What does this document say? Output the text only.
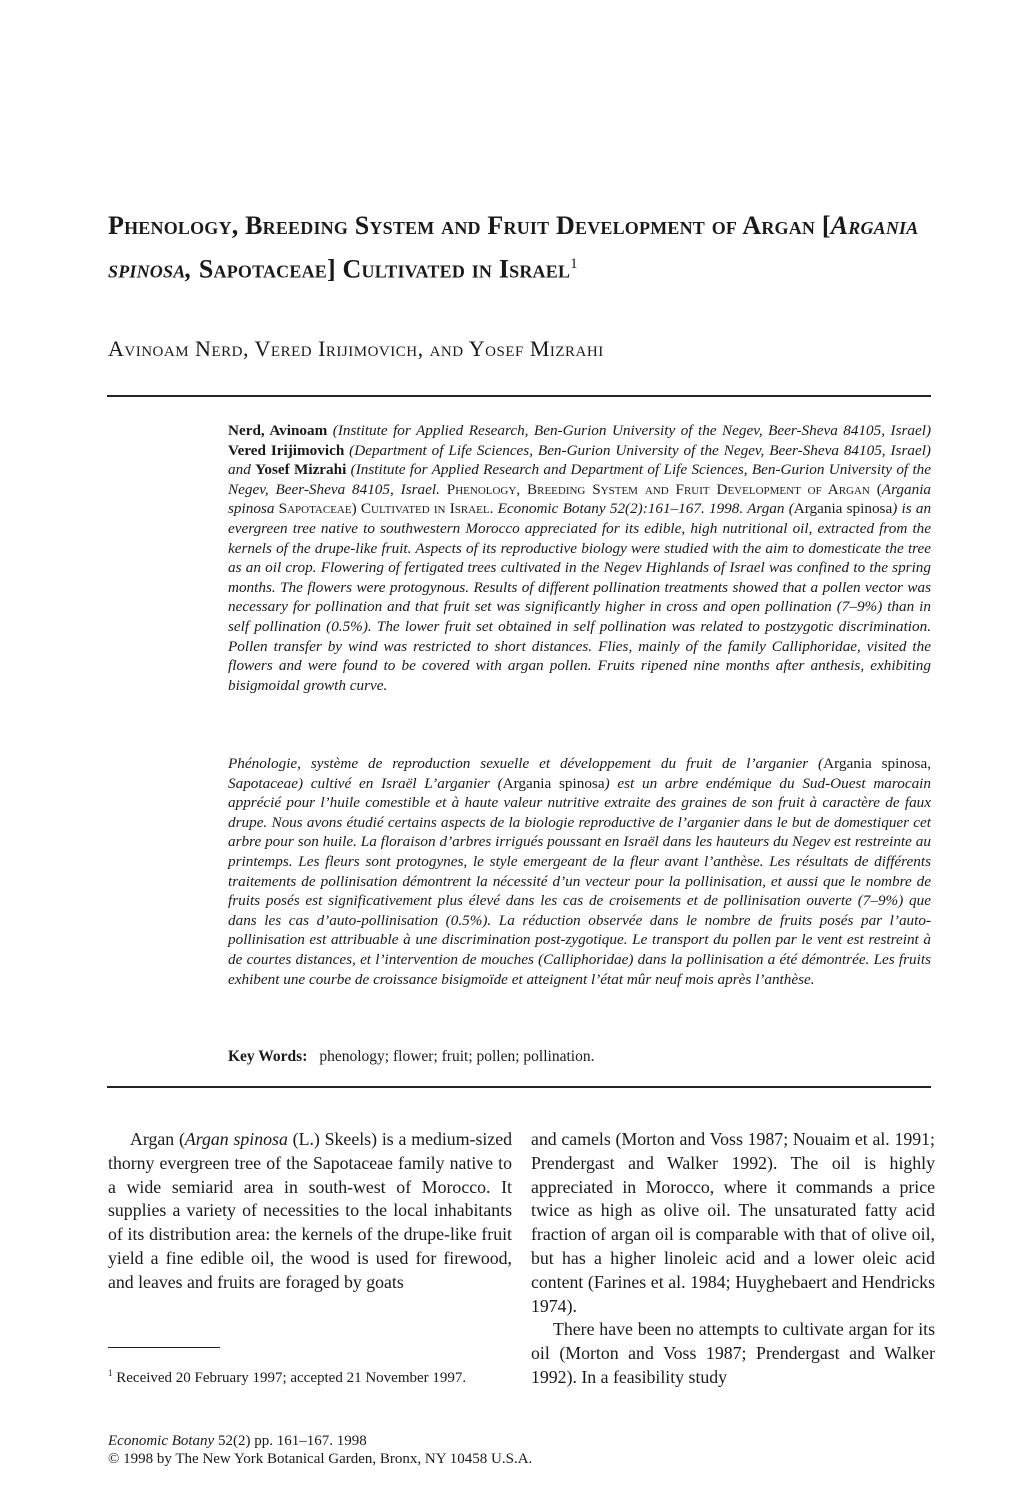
Phenology, Breeding System and Fruit Development of Argan [Argania spinosa, Sapotaceae] Cultivated in Israel$^1$

Avinoam Nerd, Vered Irijimovich, and Yosef Mizrahi

Nerd, Avinoam (Institute for Applied Research, Ben-Gurion University of the Negev, Beer-Sheva 84105, Israel) Vered Irijimovich (Department of Life Sciences, Ben-Gurion University of the Negev, Beer-Sheva 84105, Israel) and Yosef Mizrahi (Institute for Applied Research and Department of Life Sciences, Ben-Gurion University of the Negev, Beer-Sheva 84105, Israel. Phenology, Breeding System and Fruit Development of Argan (Argania spinosa Sapotaceae) Cultivated in Israel. Economic Botany 52(2):161–167. 1998. Argan (Argania spinosa) is an evergreen tree native to southwestern Morocco appreciated for its edible, high nutritional oil, extracted from the kernels of the drupe-like fruit. Aspects of its reproductive biology were studied with the aim to domesticate the tree as an oil crop. Flowering of fertigated trees cultivated in the Negev Highlands of Israel was confined to the spring months. The flowers were protogynous. Results of different pollination treatments showed that a pollen vector was necessary for pollination and that fruit set was significantly higher in cross and open pollination (7–9%) than in self pollination (0.5%). The lower fruit set obtained in self pollination was related to postzygotic discrimination. Pollen transfer by wind was restricted to short distances. Flies, mainly of the family Calliphoridae, visited the flowers and were found to be covered with argan pollen. Fruits ripened nine months after anthesis, exhibiting bisigmoidal growth curve.

Phénologie, système de reproduction sexuelle et développement du fruit de l’arganier (Argania spinosa, Sapotaceae) cultivé en Israël L’arganier (Argania spinosa) est un arbre endémique du Sud-Ouest marocain apprécié pour l’huile comestible et à haute valeur nutritive extraite des graines de son fruit à caractère de faux drupe. Nous avons étudié certains aspects de la biologie reproductive de l’arganier dans le but de domestiquer cet arbre pour son huile. La floraison d’arbres irrigués poussant en Israël dans les hauteurs du Negev est restreinte au printemps. Les fleurs sont protogynes, le style emergeant de la fleur avant l’anthèse. Les résultats de différents traitements de pollinisation démontrent la nécessité d’un vecteur pour la pollinisation, et aussi que le nombre de fruits posés est significativement plus élevé dans les cas de croisements et de pollinisation ouverte (7–9%) que dans les cas d’auto-pollinisation (0.5%). La réduction observée dans le nombre de fruits posés par l’auto-pollinisation est attribuable à une discrimination post-zygotique. Le transport du pollen par le vent est restreint à de courtes distances, et l’intervention de mouches (Calliphoridae) dans la pollinisation a été démontrée. Les fruits exhibent une courbe de croissance bisigmoïde et atteignent l’état mûr neuf mois après l’anthèse.

Key Words: phenology; flower; fruit; pollen; pollination.

Argan (Argan spinosa (L.) Skeels) is a medium-sized thorny evergreen tree of the Sapotaceae family native to a wide semiarid area in south-west of Morocco. It supplies a variety of necessities to the local inhabitants of its distribution area: the kernels of the drupe-like fruit yield a fine edible oil, the wood is used for firewood, and leaves and fruits are foraged by goats

and camels (Morton and Voss 1987; Nouaim et al. 1991; Prendergast and Walker 1992). The oil is highly appreciated in Morocco, where it commands a price twice as high as olive oil. The unsaturated fatty acid fraction of argan oil is comparable with that of olive oil, but has a higher linoleic acid and a lower oleic acid content (Farines et al. 1984; Huyghebaert and Hendricks 1974).

There have been no attempts to cultivate argan for its oil (Morton and Voss 1987; Prendergast and Walker 1992). In a feasibility study

$^1$ Received 20 February 1997; accepted 21 November 1997.

Economic Botany 52(2) pp. 161–167. 1998
© 1998 by The New York Botanical Garden, Bronx, NY 10458 U.S.A.
